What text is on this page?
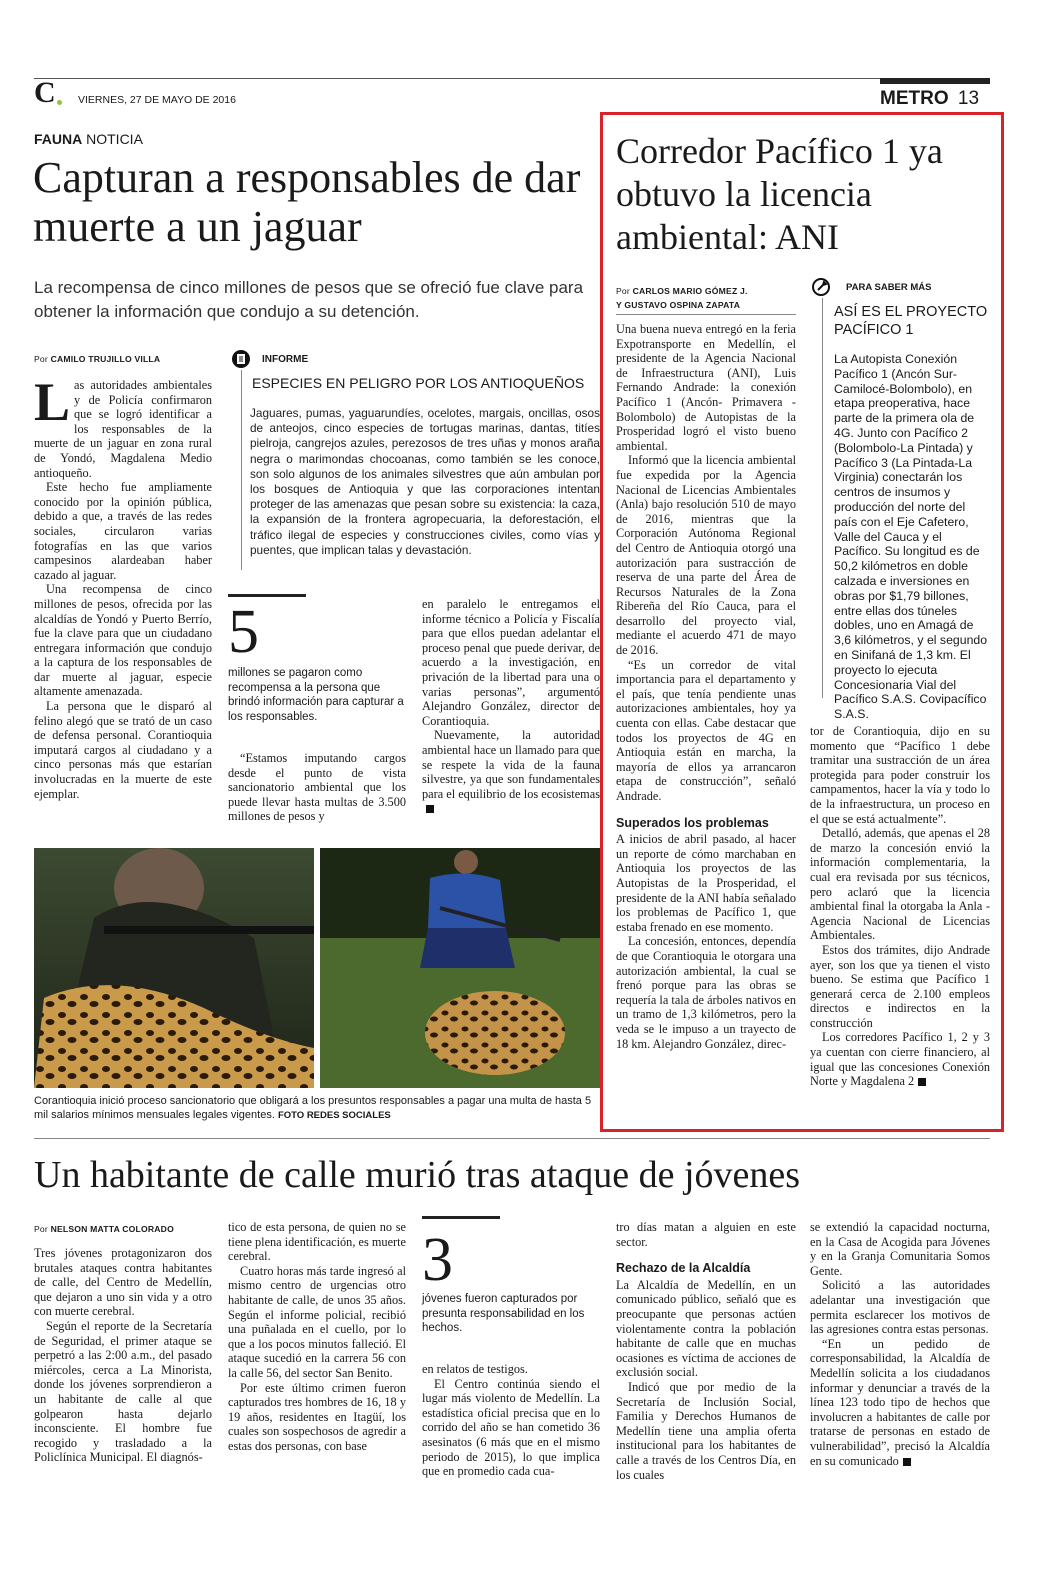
C VIERNES, 27 DE MAYO DE 2016	METRO 13
FAUNA NOTICIA
Capturan a responsables de dar muerte a un jaguar
La recompensa de cinco millones de pesos que se ofreció fue clave para obtener la información que condujo a su detención.
Por CAMILO TRUJILLO VILLA

L as autoridades ambientales y de Policía confirmaron que se logró identificar a los responsables de la muerte de un jaguar en zona rural de Yondó, Magdalena Medio antioqueño.

Este hecho fue ampliamente conocido por la opinión pública, debido a que, a través de las redes sociales, circularon varias fotografías en las que varios campesinos alardeaban haber cazado al jaguar.

Una recompensa de cinco millones de pesos, ofrecida por las alcaldías de Yondó y Puerto Berrío, fue la clave para que un ciudadano entregara información que condujo a la captura de los responsables de dar muerte al jaguar, especie altamente amenazada.

La persona que le disparó al felino alegó que se trató de un caso de defensa personal. Corantioquia imputará cargos al ciudadano y a cinco personas más que estarían involucradas en la muerte de este ejemplar.

INFORME
ESPECIES EN PELIGRO POR LOS ANTIOQUEÑOS
Jaguares, pumas, yaguarundíes, ocelotes, margais, oncillas, osos de anteojos, cinco especies de tortugas marinas, dantas, titíes pielroja, cangrejos azules, perezosos de tres uñas y monos araña negra o marimondas chocoanas, como también se les conoce, son solo algunos de los animales silvestres que aún ambulan por los bosques de Antioquia y que las corporaciones intentan proteger de las amenazas que pesan sobre su existencia: la caza, la expansión de la frontera agropecuaria, la deforestación, el tráfico ilegal de especies y construcciones civiles, como vías y puentes, que implican talas y devastación.
5
millones se pagaron como recompensa a la persona que brindó información para capturar a los responsables.

“Estamos imputando cargos desde el punto de vista sancionatorio ambiental que los puede llevar hasta multas de 3.500 millones de pesos y

en paralelo le entregamos el informe técnico a Policía y Fiscalía para que ellos puedan adelantar el proceso penal que puede derivar, de acuerdo a la investigación, en privación de la libertad para una o varias personas”, argumentó Alejandro González, director de Corantioquia.

Nuevamente, la autoridad ambiental hace un llamado para que se respete la vida de la fauna silvestre, ya que son fundamentales para el equilibrio de los ecosistemas

Corantioquia inició proceso sancionatorio que obligará a los presuntos responsables a pagar una multa de hasta 5 mil salarios mínimos mensuales legales vigentes. FOTO REDES SOCIALES
Corredor Pacífico 1 ya obtuvo la licencia ambiental: ANI
Por CARLOS MARIO GÓMEZ J.
Y GUSTAVO OSPINA ZAPATA

Una buena nueva entregó en la feria Expotransporte en Medellín, el presidente de la Agencia Nacional de Infraestructura (ANI), Luis Fernando Andrade: la conexión Pacífico 1 (Ancón- Primavera - Bolombolo) de Autopistas de la Prosperidad logró el visto bueno ambiental.

Informó que la licencia ambiental fue expedida por la Agencia Nacional de Licencias Ambientales (Anla) bajo resolución 510 de mayo de 2016, mientras que la Corporación Autónoma Regional del Centro de Antioquia otorgó una autorización para sustracción de reserva de una parte del Área de Recursos Naturales de la Zona Ribereña del Río Cauca, para el desarrollo del proyecto vial, mediante el acuerdo 471 de mayo de 2016.

“Es un corredor de vital importancia para el departamento y el país, que tenía pendiente unas autorizaciones ambientales, hoy ya cuenta con ellas. Cabe destacar que todos los proyectos de 4G en Antioquia están en marcha, la mayoría de ellos ya arrancaron etapa de construcción”, señaló Andrade.

Superados los problemas

A inicios de abril pasado, al hacer un reporte de cómo marchaban en Antioquia los proyectos de las Autopistas de la Prosperidad, el presidente de la ANI había señalado los problemas de Pacífico 1, que estaba frenado en ese momento.

La concesión, entonces, dependía de que Corantioquia le otorgara una autorización ambiental, la cual se frenó porque para las obras se requería la tala de árboles nativos en un tramo de 1,3 kilómetros, pero la veda se le impuso a un trayecto de 18 km. Alejandro González, direc-

PARA SABER MÁS
ASÍ ES EL PROYECTO PACÍFICO 1
La Autopista Conexión Pacífico 1 (Ancón Sur-Camilocé-Bolombolo), en etapa preoperativa, hace parte de la primera ola de 4G. Junto con Pacífico 2 (Bolombolo-La Pintada) y Pacífico 3 (La Pintada-La Virginia) conectarán los centros de insumos y producción del norte del país con el Eje Cafetero, Valle del Cauca y el Pacífico. Su longitud es de 50,2 kilómetros en doble calzada e inversiones en obras por $1,79 billones, entre ellas dos túneles dobles, uno en Amagá de 3,6 kilómetros, y el segundo en Sinifaná de 1,3 km. El proyecto lo ejecuta Concesionaria Vial del Pacífico S.A.S. Covipacífico S.A.S.

tor de Corantioquia, dijo en su momento que “Pacífico 1 debe tramitar una sustracción de un área protegida para poder construir los campamentos, hacer la vía y todo lo de la infraestructura, un proceso en el que se está actualmente”.

Detalló, además, que apenas el 28 de marzo la concesión envió la información complementaria, la cual era revisada por sus técnicos, pero aclaró que la licencia ambiental final la otorgaba la Anla -Agencia Nacional de Licencias Ambientales.

Estos dos trámites, dijo Andrade ayer, son los que ya tienen el visto bueno. Se estima que Pacífico 1 generará cerca de 2.100 empleos directos e indirectos en la construcción

Los corredores Pacífico 1, 2 y 3 ya cuentan con cierre financiero, al igual que las concesiones Conexión Norte y Magdalena 2

Un habitante de calle murió tras ataque de jóvenes
Por NELSON MATTA COLORADO

Tres jóvenes protagonizaron dos brutales ataques contra habitantes de calle, del Centro de Medellín, que dejaron a uno sin vida y a otro con muerte cerebral.

Según el reporte de la Secretaría de Seguridad, el primer ataque se perpetró a las 2:00 a.m., del pasado miércoles, cerca a La Minorista, donde los jóvenes sorprendieron a un habitante de calle al que golpearon hasta dejarlo inconsciente. El hombre fue recogido y trasladado a la Policlínica Municipal. El diagnós-

tico de esta persona, de quien no se tiene plena identificación, es muerte cerebral.

Cuatro horas más tarde ingresó al mismo centro de urgencias otro habitante de calle, de unos 35 años. Según el informe policial, recibió una puñalada en el cuello, por lo que a los pocos minutos falleció. El ataque sucedió en la carrera 56 con la calle 56, del sector San Benito.

Por este último crimen fueron capturados tres hombres de 16, 18 y 19 años, residentes en Itagüí, los cuales son sospechosos de agredir a estas dos personas, con base

3
jóvenes fueron capturados por presunta responsabilidad en los hechos.

en relatos de testigos.

El Centro continúa siendo el lugar más violento de Medellín. La estadística oficial precisa que en lo corrido del año se han cometido 36 asesinatos (6 más que en el mismo periodo de 2015), lo que implica que en promedio cada cua-

tro días matan a alguien en este sector.

Rechazo de la Alcaldía

La Alcaldía de Medellín, en un comunicado público, señaló que es preocupante que personas actúen violentamente contra la población habitante de calle que en muchas ocasiones es víctima de acciones de exclusión social.

Indicó que por medio de la Secretaría de Inclusión Social, Familia y Derechos Humanos de Medellín tiene una amplia oferta institucional para los habitantes de calle a través de los Centros Día, en los cuales

se extendió la capacidad nocturna, en la Casa de Acogida para Jóvenes y en la Granja Comunitaria Somos Gente.

Solicitó a las autoridades adelantar una investigación que permita esclarecer los motivos de las agresiones contra estas personas.

“En un pedido de corresponsabilidad, la Alcaldía de Medellín solicita a los ciudadanos informar y denunciar a través de la línea 123 todo tipo de hechos que involucren a habitantes de calle por tratarse de personas en estado de vulnerabilidad”, precisó la Alcaldía en su comunicado
